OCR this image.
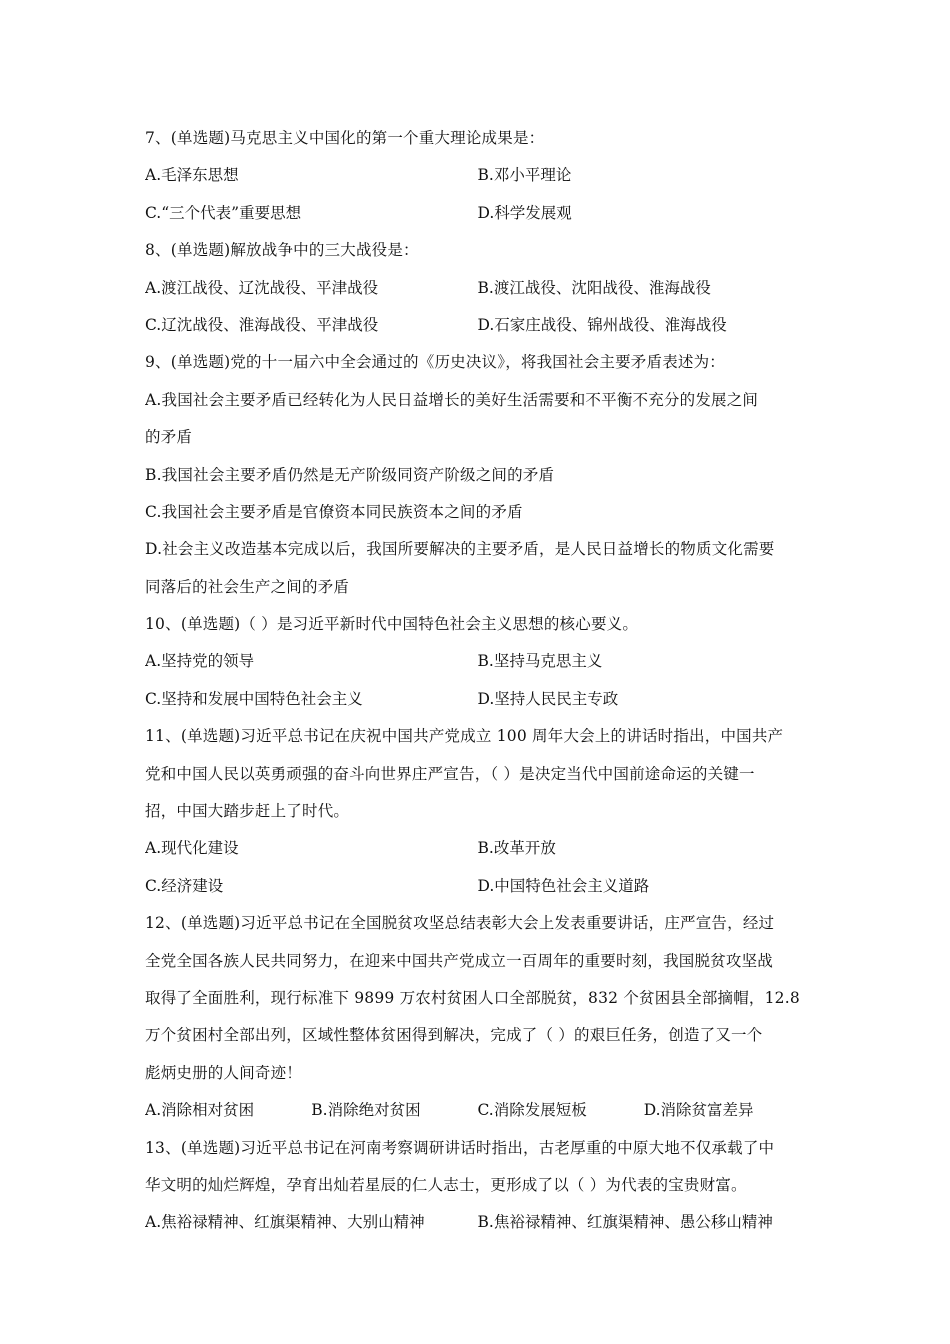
7、(单选题)马克思主义中国化的第一个重大理论成果是：
A.毛泽东思想	B.邓小平理论
C.“三个代表”重要思想	D.科学发展观
8、(单选题)解放战争中的三大战役是：
A.渡江战役、辽沈战役、平津战役	B.渡江战役、沈阳战役、淮海战役
C.辽沈战役、淮海战役、平津战役	D.石家庄战役、锦州战役、淮海战役
9、(单选题)党的十一届六中全会通过的《历史决议》，将我国社会主要矛盾表述为：
A.我国社会主要矛盾已经转化为人民日益增长的美好生活需要和不平衡不充分的发展之间
的矛盾
B.我国社会主要矛盾仍然是无产阶级同资产阶级之间的矛盾
C.我国社会主要矛盾是官僚资本同民族资本之间的矛盾
D.社会主义改造基本完成以后，我国所要解决的主要矛盾，是人民日益增长的物质文化需要
同落后的社会生产之间的矛盾
10、(单选题)（ ）是习近平新时代中国特色社会主义思想的核心要义。
A.坚持党的领导	B.坚持马克思主义
C.坚持和发展中国特色社会主义	D.坚持人民民主专政
11、(单选题)习近平总书记在庆祝中国共产党成立 100 周年大会上的讲话时指出，中国共产
党和中国人民以英勇顽强的奋斗向世界庄严宣告，（ ）是决定当代中国前途命运的关键一
招，中国大踏步赶上了时代。
A.现代化建设	B.改革开放
C.经济建设	D.中国特色社会主义道路
12、(单选题)习近平总书记在全国脱贫攻坚总结表彰大会上发表重要讲话，庄严宣告，经过
全党全国各族人民共同努力，在迎来中国共产党成立一百周年的重要时刻，我国脱贫攻坚战
取得了全面胜利，现行标准下 9899 万农村贫困人口全部脱贫，832 个贫困县全部摘帽，12.8
万个贫困村全部出列，区域性整体贫困得到解决，完成了（ ）的艰巨任务，创造了又一个
彪炳史册的人间奇迹！
A.消除相对贫困	B.消除绝对贫困	C.消除发展短板	D.消除贫富差异
13、(单选题)习近平总书记在河南考察调研讲话时指出，古老厚重的中原大地不仅承载了中
华文明的灿烂辉煌，孕育出灿若星辰的仁人志士，更形成了以（ ）为代表的宝贵财富。
A.焦裕禄精神、红旗渠精神、大别山精神	B.焦裕禄精神、红旗渠精神、愚公移山精神
